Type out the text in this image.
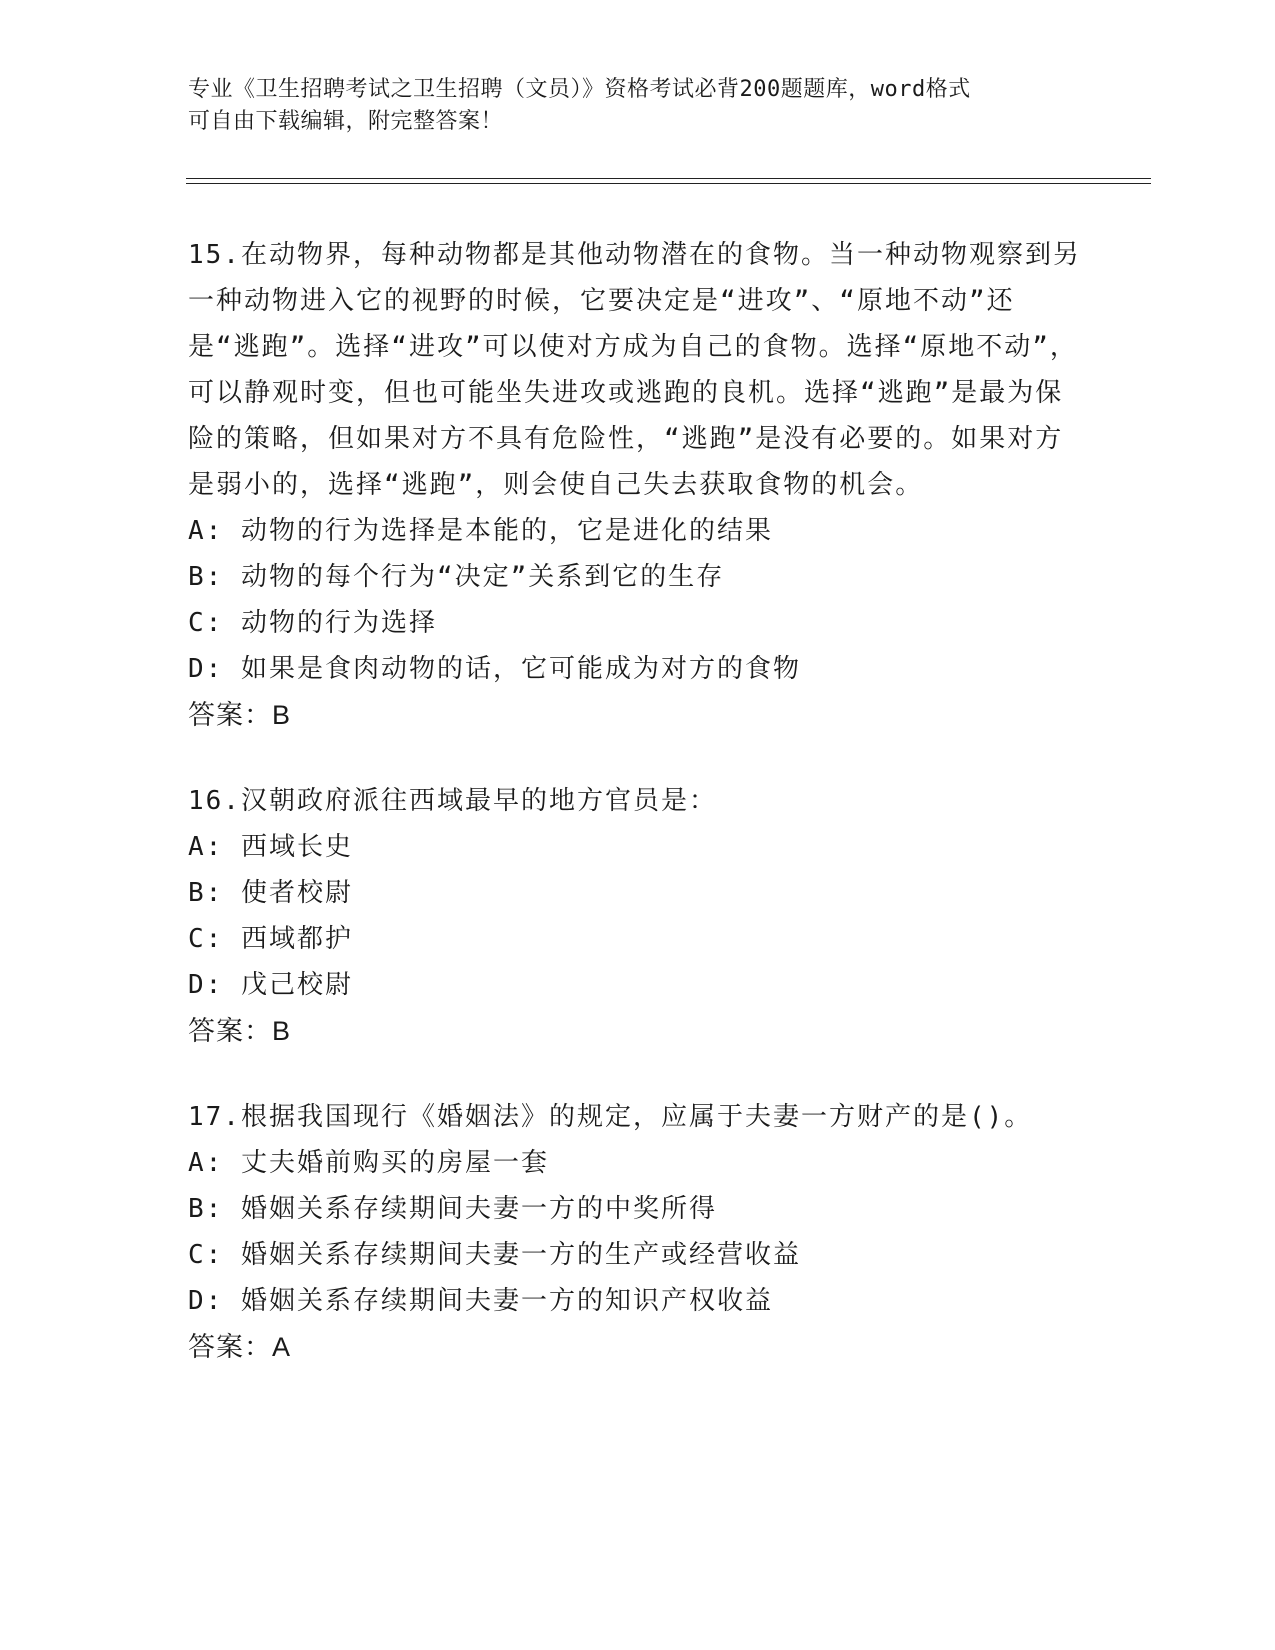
专业《卫生招聘考试之卫生招聘（文员）》资格考试必背200题题库，word格式
可自由下载编辑，附完整答案！

15.在动物界，每种动物都是其他动物潜在的食物。当一种动物观察到另一种动物进入它的视野的时候，它要决定是“进攻”、“原地不动”还是“逃跑”。选择“进攻”可以使对方成为自己的食物。选择“原地不动”，可以静观时变，但也可能坐失进攻或逃跑的良机。选择“逃跑”是最为保险的策略，但如果对方不具有危险性，“逃跑”是没有必要的。如果对方是弱小的，选择“逃跑”，则会使自己失去获取食物的机会。

A: 动物的行为选择是本能的，它是进化的结果

B: 动物的每个行为“决定”关系到它的生存

C: 动物的行为选择

D: 如果是食肉动物的话，它可能成为对方的食物

答案：B

16.汉朝政府派往西域最早的地方官员是：

A: 西域长史

B: 使者校尉

C: 西域都护

D: 戊己校尉

答案：B

17.根据我国现行《婚姻法》的规定，应属于夫妻一方财产的是()。

A: 丈夫婚前购买的房屋一套

B: 婚姻关系存续期间夫妻一方的中奖所得

C: 婚姻关系存续期间夫妻一方的生产或经营收益

D: 婚姻关系存续期间夫妻一方的知识产权收益

答案：A
